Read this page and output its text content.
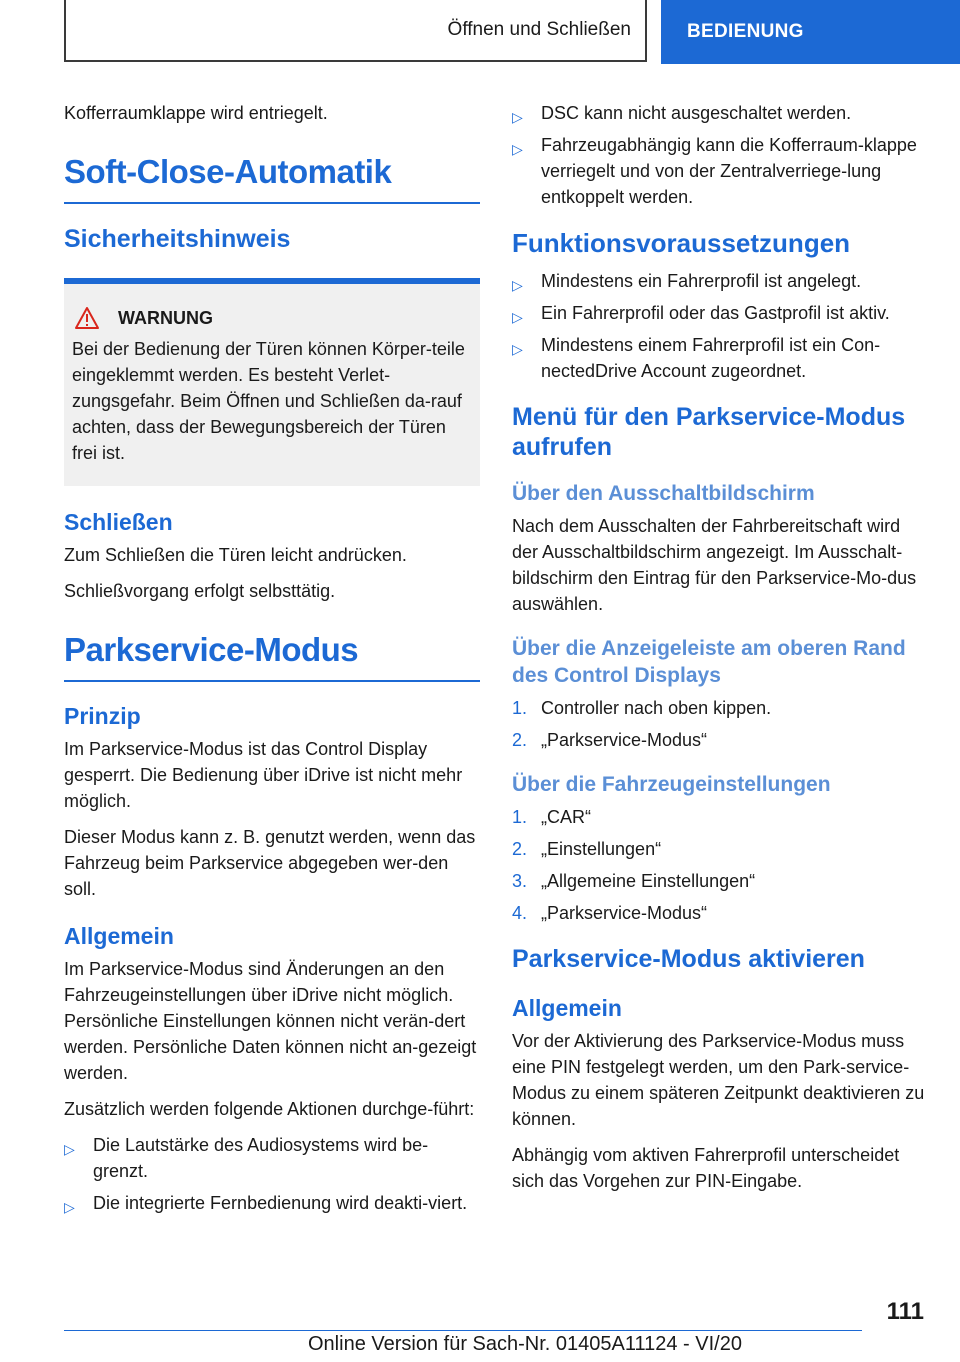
Öffnen und Schließen	BEDIENUNG

Kofferraumklappe wird entriegelt.

Soft-Close-Automatik
Sicherheitshinweis
WARNUNG

Bei der Bedienung der Türen können Körper-teile eingeklemmt werden. Es besteht Verlet-zungsgefahr. Beim Öffnen und Schließen da-rauf achten, dass der Bewegungsbereich der Türen frei ist.

Schließen

Zum Schließen die Türen leicht andrücken.

Schließvorgang erfolgt selbsttätig.

Parkservice-Modus
Prinzip

Im Parkservice-Modus ist das Control Display gesperrt. Die Bedienung über iDrive ist nicht mehr möglich.

Dieser Modus kann z. B. genutzt werden, wenn das Fahrzeug beim Parkservice abgegeben wer-den soll.

Allgemein

Im Parkservice-Modus sind Änderungen an den Fahrzeugeinstellungen über iDrive nicht möglich. Persönliche Einstellungen können nicht verän-dert werden. Persönliche Daten können nicht an-gezeigt werden.

Zusätzlich werden folgende Aktionen durchge-führt:

▷ Die Lautstärke des Audiosystems wird be-grenzt.
▷ Die integrierte Fernbedienung wird deakti-viert.
▷ DSC kann nicht ausgeschaltet werden.
▷ Fahrzeugabhängig kann die Kofferraum-klappe verriegelt und von der Zentralverriege-lung entkoppelt werden.
Funktionsvoraussetzungen
▷ Mindestens ein Fahrerprofil ist angelegt.
▷ Ein Fahrerprofil oder das Gastprofil ist aktiv.
▷ Mindestens einem Fahrerprofil ist ein Con-nectedDrive Account zugeordnet.
Menü für den Parkservice-Modus aufrufen
Über den Ausschaltbildschirm

Nach dem Ausschalten der Fahrbereitschaft wird der Ausschaltbildschirm angezeigt. Im Ausschalt-bildschirm den Eintrag für den Parkservice-Mo-dus auswählen.

Über die Anzeigeleiste am oberen Rand des Control Displays
1. Controller nach oben kippen.
2. „Parkservice-Modus“
Über die Fahrzeugeinstellungen
1. „CAR“
2. „Einstellungen“
3. „Allgemeine Einstellungen“
4. „Parkservice-Modus“
Parkservice-Modus aktivieren
Allgemein

Vor der Aktivierung des Parkservice-Modus muss eine PIN festgelegt werden, um den Park-service-Modus zu einem späteren Zeitpunkt deaktivieren zu können.

Abhängig vom aktiven Fahrerprofil unterscheidet sich das Vorgehen zur PIN-Eingabe.

111
Online Version für Sach-Nr. 01405A11124 - VI/20
